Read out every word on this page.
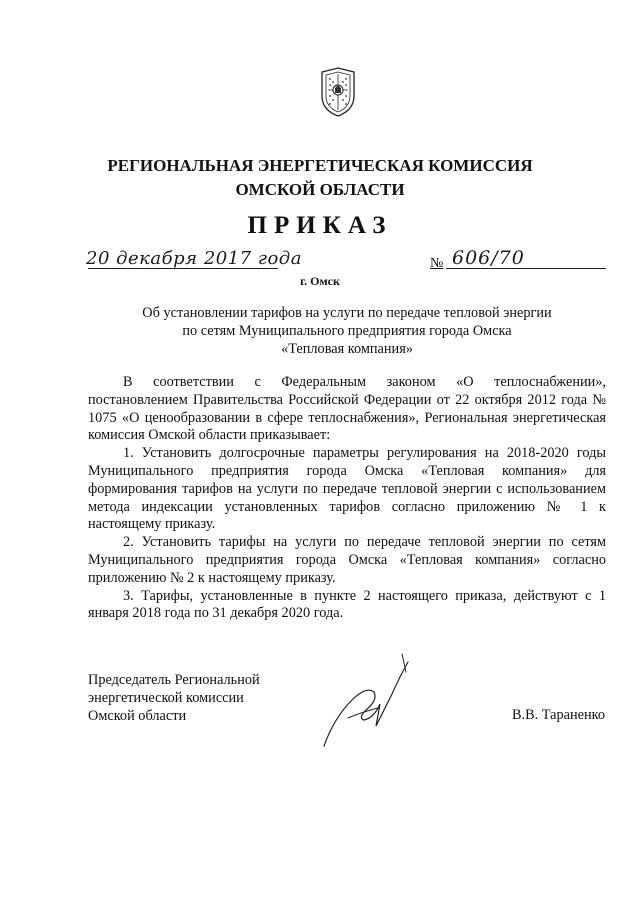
РЕГИОНАЛЬНАЯ ЭНЕРГЕТИЧЕСКАЯ КОМИССИЯ
ОМСКОЙ ОБЛАСТИ
ПРИКАЗ
20 декабря 2017 года	№ 606/70
г. Омск
Об установлении тарифов на услуги по передаче тепловой энергии
по сетям Муниципального предприятия города Омска
«Тепловая компания»

В соответствии с Федеральным законом «О теплоснабжении», постановлением Правительства Российской Федерации от 22 октября 2012 года № 1075 «О ценообразовании в сфере теплоснабжения», Региональная энергетическая комиссия Омской области приказывает:

1. Установить долгосрочные параметры регулирования на 2018-2020 годы Муниципального предприятия города Омска «Тепловая компания» для формирования тарифов на услуги по передаче тепловой энергии с использованием метода индексации установленных тарифов согласно приложению № 1 к настоящему приказу.

2. Установить тарифы на услуги по передаче тепловой энергии по сетям Муниципального предприятия города Омска «Тепловая компания» согласно приложению № 2 к настоящему приказу.

3. Тарифы, установленные в пункте 2 настоящего приказа, действуют с 1 января 2018 года по 31 декабря 2020 года.

Председатель Региональной
энергетической комиссии
Омской области	В.В. Тараненко
